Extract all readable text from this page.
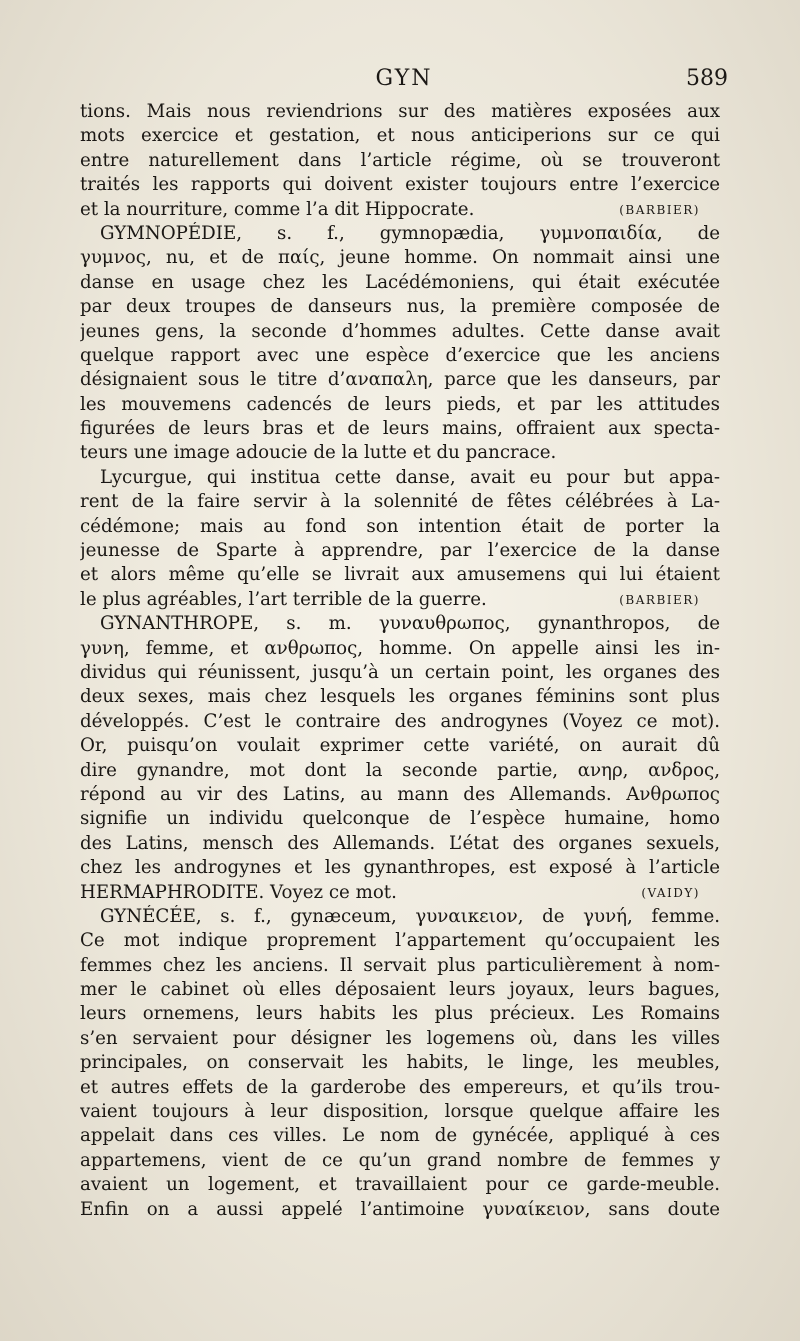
GYN	589
tions. Mais nous reviendrions sur des matières exposées aux
mots exercice et gestation, et nous anticiperions sur ce qui
entre naturellement dans l’article régime, où se trouveront
traités les rapports qui doivent exister toujours entre l’exercice
et la nourriture, comme l’a dit Hippocrate.	(BARBIER)
GYMNOPÉDIE, s. f., gymnopædia, γυμνοπαιδία, de
γυμνος, nu, et de παίς, jeune homme. On nommait ainsi une
danse en usage chez les Lacédémoniens, qui était exécutée
par deux troupes de danseurs nus, la première composée de
jeunes gens, la seconde d’hommes adultes. Cette danse avait
quelque rapport avec une espèce d’exercice que les anciens
désignaient sous le titre d’αναπαλη, parce que les danseurs, par
les mouvemens cadencés de leurs pieds, et par les attitudes
figurées de leurs bras et de leurs mains, offraient aux specta-
teurs une image adoucie de la lutte et du pancrace.
Lycurgue, qui institua cette danse, avait eu pour but appa-
rent de la faire servir à la solennité de fêtes célébrées à La-
cédémone; mais au fond son intention était de porter la
jeunesse de Sparte à apprendre, par l’exercice de la danse
et alors même qu’elle se livrait aux amusemens qui lui étaient
le plus agréables, l’art terrible de la guerre.	(BARBIER)
GYNANTHROPE, s. m. γυναυθρωπος, gynanthropos, de
γυνη, femme, et ανθρωπος, homme. On appelle ainsi les in-
dividus qui réunissent, jusqu’à un certain point, les organes des
deux sexes, mais chez lesquels les organes féminins sont plus
développés. C’est le contraire des androgynes (Voyez ce mot).
Or, puisqu’on voulait exprimer cette variété, on aurait dû
dire gynandre, mot dont la seconde partie, ανηρ, ανδρος,
répond au vir des Latins, au mann des Allemands. Ανθρωπος
signifie un individu quelconque de l’espèce humaine, homo
des Latins, mensch des Allemands. L’état des organes sexuels,
chez les androgynes et les gynanthropes, est exposé à l’article
HERMAPHRODITE. Voyez ce mot.	(VAIDY)
GYNÉCÉE, s. f., gynæceum, γυναικειον, de γυνή, femme.
Ce mot indique proprement l’appartement qu’occupaient les
femmes chez les anciens. Il servait plus particulièrement à nom-
mer le cabinet où elles déposaient leurs joyaux, leurs bagues,
leurs ornemens, leurs habits les plus précieux. Les Romains
s’en servaient pour désigner les logemens où, dans les villes
principales, on conservait les habits, le linge, les meubles,
et autres effets de la garderobe des empereurs, et qu’ils trou-
vaient toujours à leur disposition, lorsque quelque affaire les
appelait dans ces villes. Le nom de gynécée, appliqué à ces
appartemens, vient de ce qu’un grand nombre de femmes y
avaient un logement, et travaillaient pour ce garde-meuble.
Enfin on a aussi appelé l’antimoine γυναίκειον, sans doute
